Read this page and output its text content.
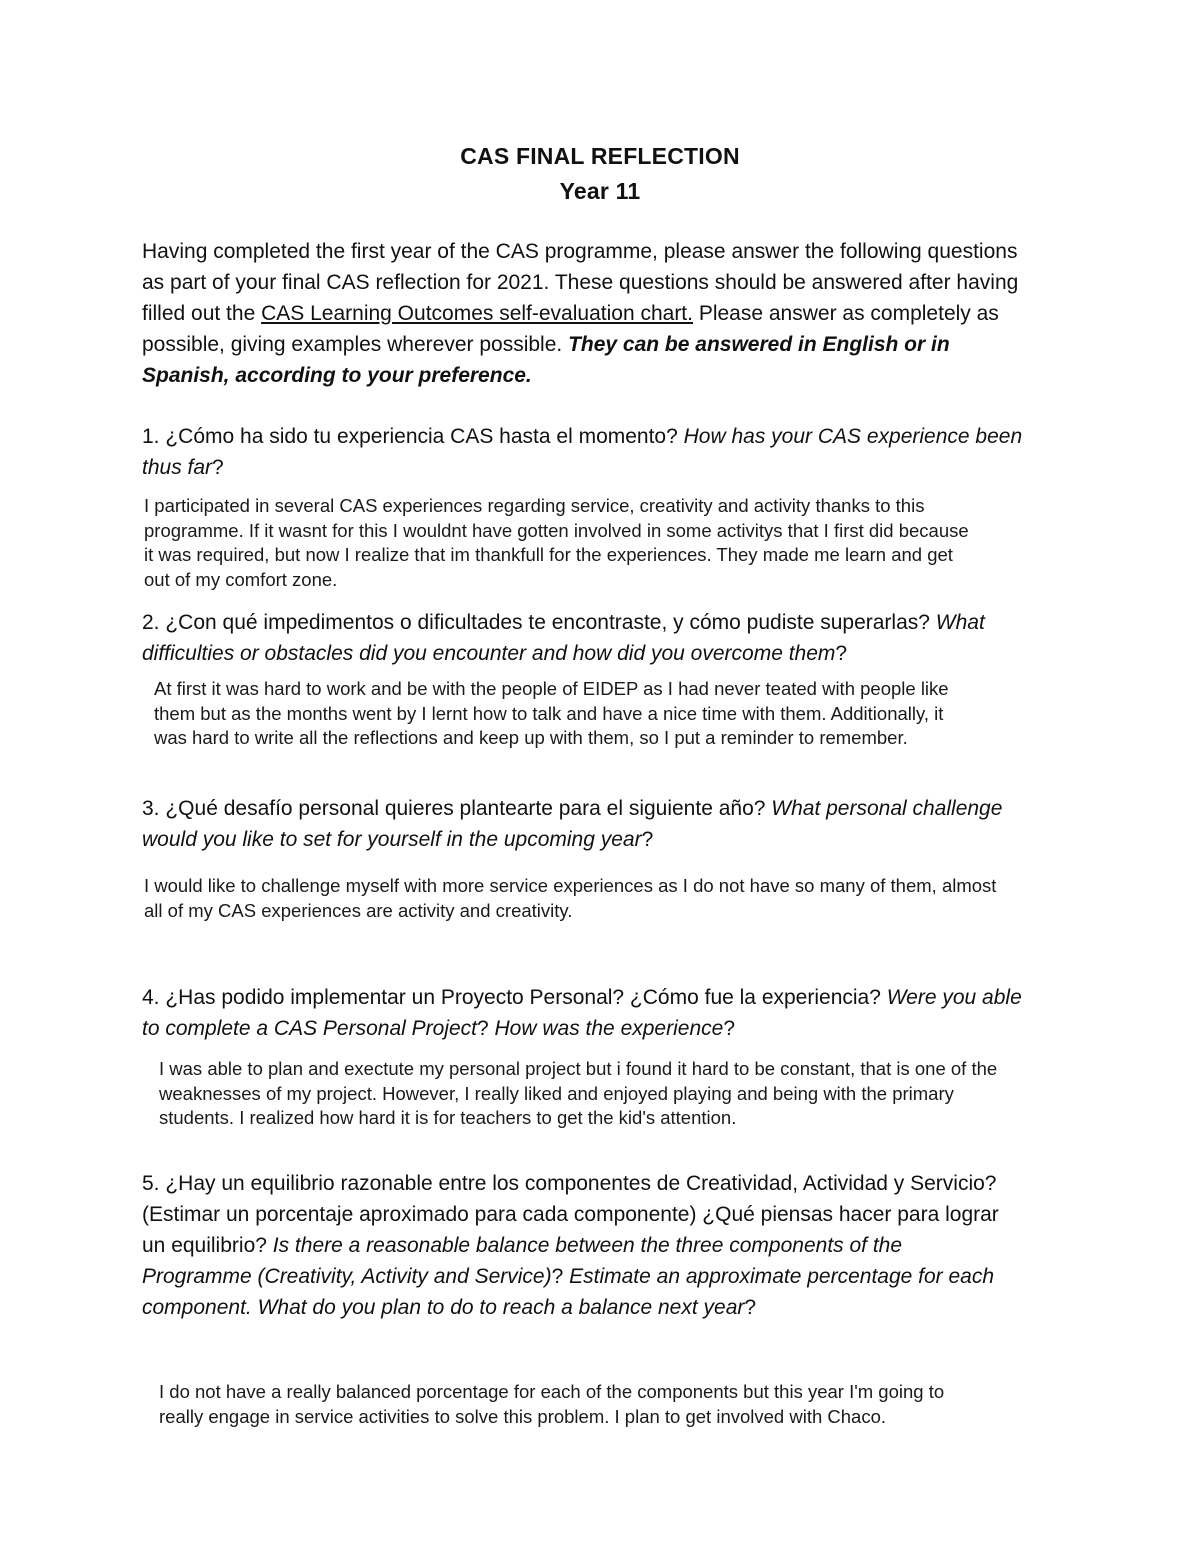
CAS FINAL REFLECTION
Year 11
Having completed the first year of the CAS programme, please answer the following questions as part of your final CAS reflection for 2021. These questions should be answered after having filled out the CAS Learning Outcomes self-evaluation chart. Please answer as completely as possible, giving examples wherever possible. They can be answered in English or in Spanish, according to your preference.
1. ¿Cómo ha sido tu experiencia CAS hasta el momento? How has your CAS experience been thus far?
I participated in several CAS experiences regarding service, creativity and activity thanks to this programme. If it wasnt for this I wouldnt have gotten involved in some activitys that I first did because it was required, but now I realize that im thankfull for the experiences. They made me learn and get out of my comfort zone.
2. ¿Con qué impedimentos o dificultades te encontraste, y cómo pudiste superarlas? What difficulties or obstacles did you encounter and how did you overcome them?
At first it was hard to work and be with the people of EIDEP as I had never teated with people like them but as the months went by I lernt how to talk and have a nice time with them. Additionally, it was hard to write all the reflections and keep up with them, so I put a reminder to remember.
3. ¿Qué desafío personal quieres plantearte para el siguiente año? What personal challenge would you like to set for yourself in the upcoming year?
I would like to challenge myself with more service experiences as I do not have so many of them, almost all of my CAS experiences are activity and creativity.
4. ¿Has podido implementar un Proyecto Personal? ¿Cómo fue la experiencia? Were you able to complete a CAS Personal Project? How was the experience?
I was able to plan and exectute my personal project but i found it hard to be constant, that is one of the weaknesses of my project. However, I really liked and enjoyed playing and being with the primary students. I realized how hard it is for teachers to get the kid's attention.
5. ¿Hay un equilibrio razonable entre los componentes de Creatividad, Actividad y Servicio? (Estimar un porcentaje aproximado para cada componente) ¿Qué piensas hacer para lograr un equilibrio? Is there a reasonable balance between the three components of the Programme (Creativity, Activity and Service)? Estimate an approximate percentage for each component. What do you plan to do to reach a balance next year?
I do not have a really balanced porcentage for each of the components but this year I'm going to really engage in service activities to solve this problem. I plan to get involved with Chaco.
